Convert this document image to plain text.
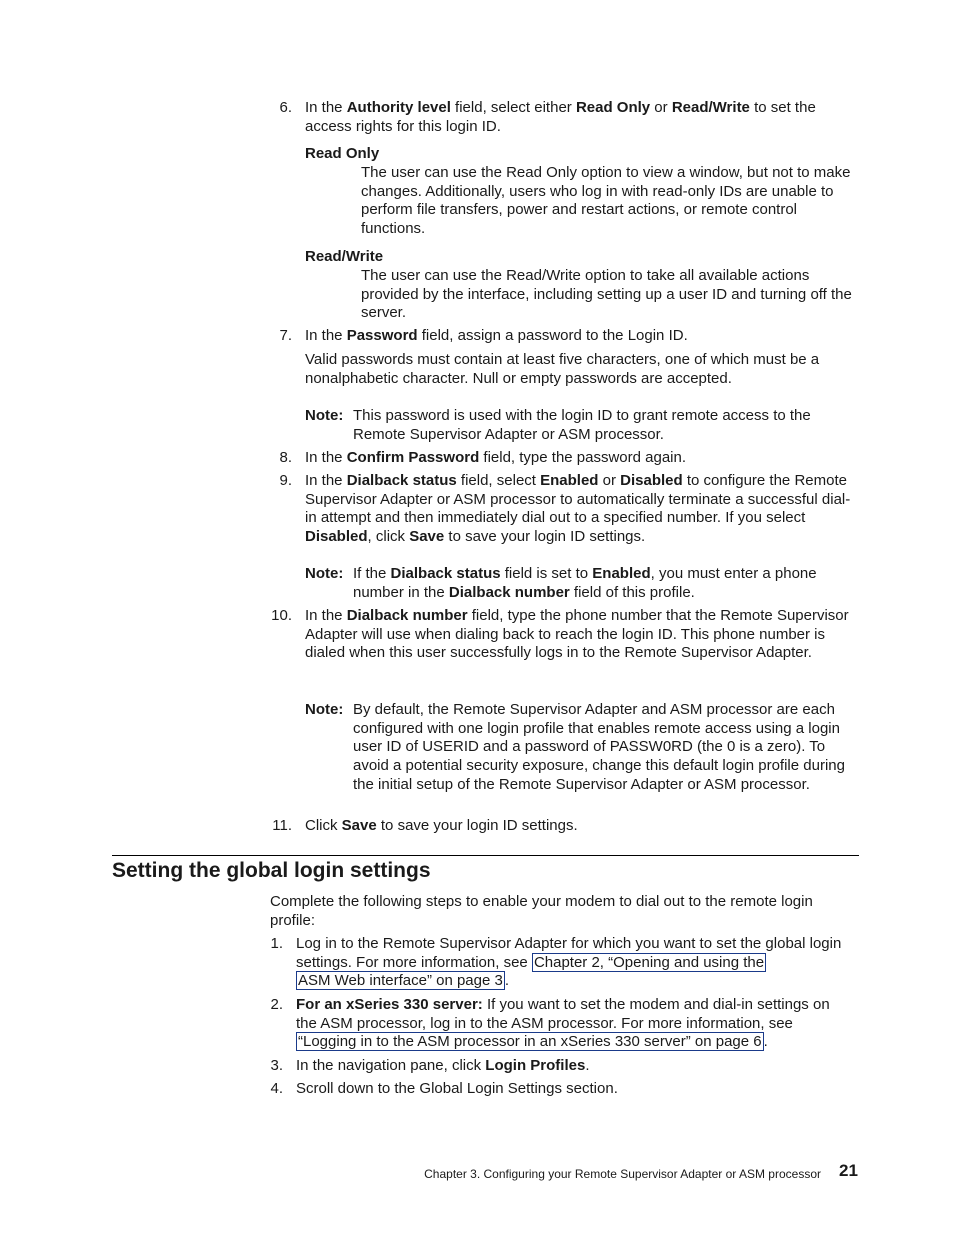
6. In the Authority level field, select either Read Only or Read/Write to set the access rights for this login ID.

Read Only
The user can use the Read Only option to view a window, but not to make changes. Additionally, users who log in with read-only IDs are unable to perform file transfers, power and restart actions, or remote control functions.
Read/Write
The user can use the Read/Write option to take all available actions provided by the interface, including setting up a user ID and turning off the server.
7. In the Password field, assign a password to the Login ID.

Valid passwords must contain at least five characters, one of which must be a nonalphabetic character. Null or empty passwords are accepted.

Note: This password is used with the login ID to grant remote access to the Remote Supervisor Adapter or ASM processor.
8. In the Confirm Password field, type the password again.

9. In the Dialback status field, select Enabled or Disabled to configure the Remote Supervisor Adapter or ASM processor to automatically terminate a successful dial-in attempt and then immediately dial out to a specified number. If you select Disabled, click Save to save your login ID settings.

Note: If the Dialback status field is set to Enabled, you must enter a phone number in the Dialback number field of this profile.
10. In the Dialback number field, type the phone number that the Remote Supervisor Adapter will use when dialing back to reach the login ID. This phone number is dialed when this user successfully logs in to the Remote Supervisor Adapter.

Note: By default, the Remote Supervisor Adapter and ASM processor are each configured with one login profile that enables remote access using a login user ID of USERID and a password of PASSW0RD (the 0 is a zero). To avoid a potential security exposure, change this default login profile during the initial setup of the Remote Supervisor Adapter or ASM processor.
11. Click Save to save your login ID settings.

Setting the global login settings

Complete the following steps to enable your modem to dial out to the remote login profile:

1. Log in to the Remote Supervisor Adapter for which you want to set the global login settings. For more information, see Chapter 2, “Opening and using the
ASM Web interface” on page 3 .

2. For an xSeries 330 server: If you want to set the modem and dial-in settings on the ASM processor, log in to the ASM processor. For more information, see
“Logging in to the ASM processor in an xSeries 330 server” on page 6 .

3. In the navigation pane, click Login Profiles.

4. Scroll down to the Global Login Settings section.

Chapter 3. Configuring your Remote Supervisor Adapter or ASM processor 21
